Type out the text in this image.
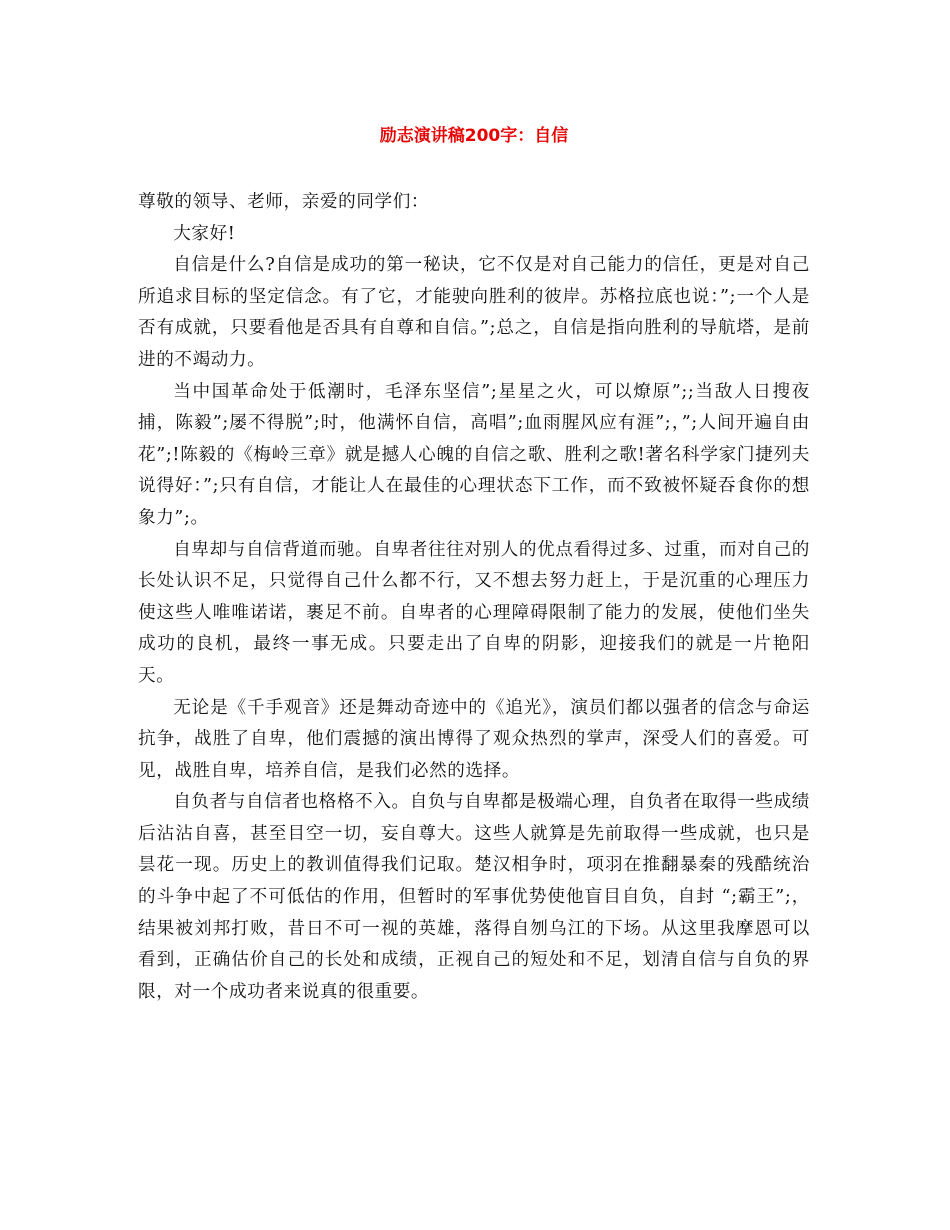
励志演讲稿200字：自信

尊敬的领导、老师，亲爱的同学们：

大家好!

自信是什么?自信是成功的第一秘诀，它不仅是对自己能力的信任，更是对自己所追求目标的坚定信念。有了它，才能驶向胜利的彼岸。苏格拉底也说：”;一个人是否有成就，只要看他是否具有自尊和自信。”;总之，自信是指向胜利的导航塔，是前进的不竭动力。

当中国革命处于低潮时，毛泽东坚信”;星星之火，可以燎原”;;当敌人日搜夜捕，陈毅”;屡不得脱”;时，他满怀自信，高唱”;血雨腥风应有涯”;，”;人间开遍自由花”;!陈毅的《梅岭三章》就是撼人心魄的自信之歌、胜利之歌!著名科学家门捷列夫说得好：”;只有自信，才能让人在最佳的心理状态下工作，而不致被怀疑吞食你的想象力”;。

自卑却与自信背道而驰。自卑者往往对别人的优点看得过多、过重，而对自己的长处认识不足，只觉得自己什么都不行，又不想去努力赶上，于是沉重的心理压力使这些人唯唯诺诺，裹足不前。自卑者的心理障碍限制了能力的发展，使他们坐失成功的良机，最终一事无成。只要走出了自卑的阴影，迎接我们的就是一片艳阳天。

无论是《千手观音》还是舞动奇迹中的《追光》，演员们都以强者的信念与命运抗争，战胜了自卑，他们震撼的演出博得了观众热烈的掌声，深受人们的喜爱。可见，战胜自卑，培养自信，是我们必然的选择。

自负者与自信者也格格不入。自负与自卑都是极端心理，自负者在取得一些成绩后沾沾自喜，甚至目空一切，妄自尊大。这些人就算是先前取得一些成就，也只是昙花一现。历史上的教训值得我们记取。楚汉相争时，项羽在推翻暴秦的残酷统治的斗争中起了不可低估的作用，但暂时的军事优势使他盲目自负，自封 “;霸王”;，结果被刘邦打败，昔日不可一视的英雄，落得自刎乌江的下场。从这里我摩恩可以看到，正确估价自己的长处和成绩，正视自己的短处和不足，划清自信与自负的界限，对一个成功者来说真的很重要。
